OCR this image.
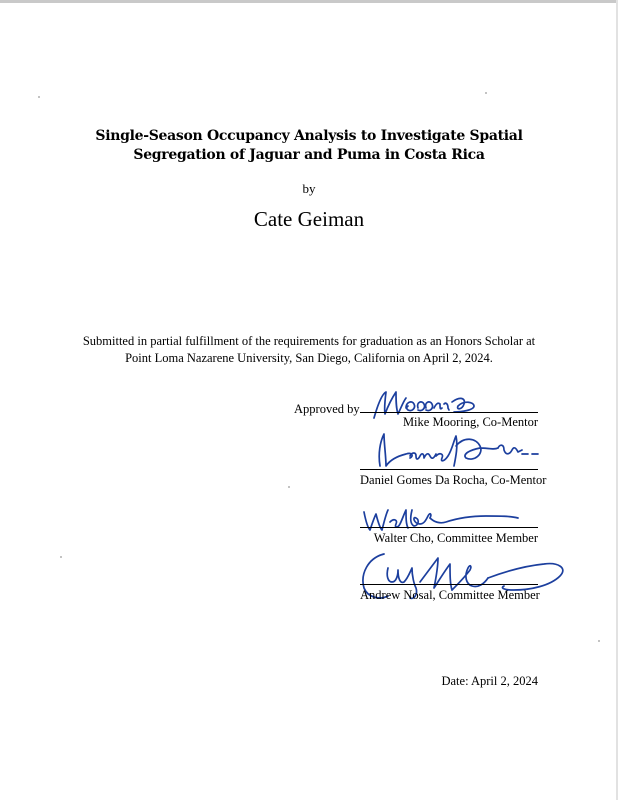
Single-Season Occupancy Analysis to Investigate Spatial Segregation of Jaguar and Puma in Costa Rica
by
Cate Geiman
Submitted in partial fulfillment of the requirements for graduation as an Honors Scholar at
Point Loma Nazarene University, San Diego, California on April 2, 2024.
Approved by
Mike Mooring, Co-Mentor
Daniel Gomes Da Rocha, Co-Mentor
Walter Cho, Committee Member
Andrew Nosal, Committee Member
Date: April 2, 2024
